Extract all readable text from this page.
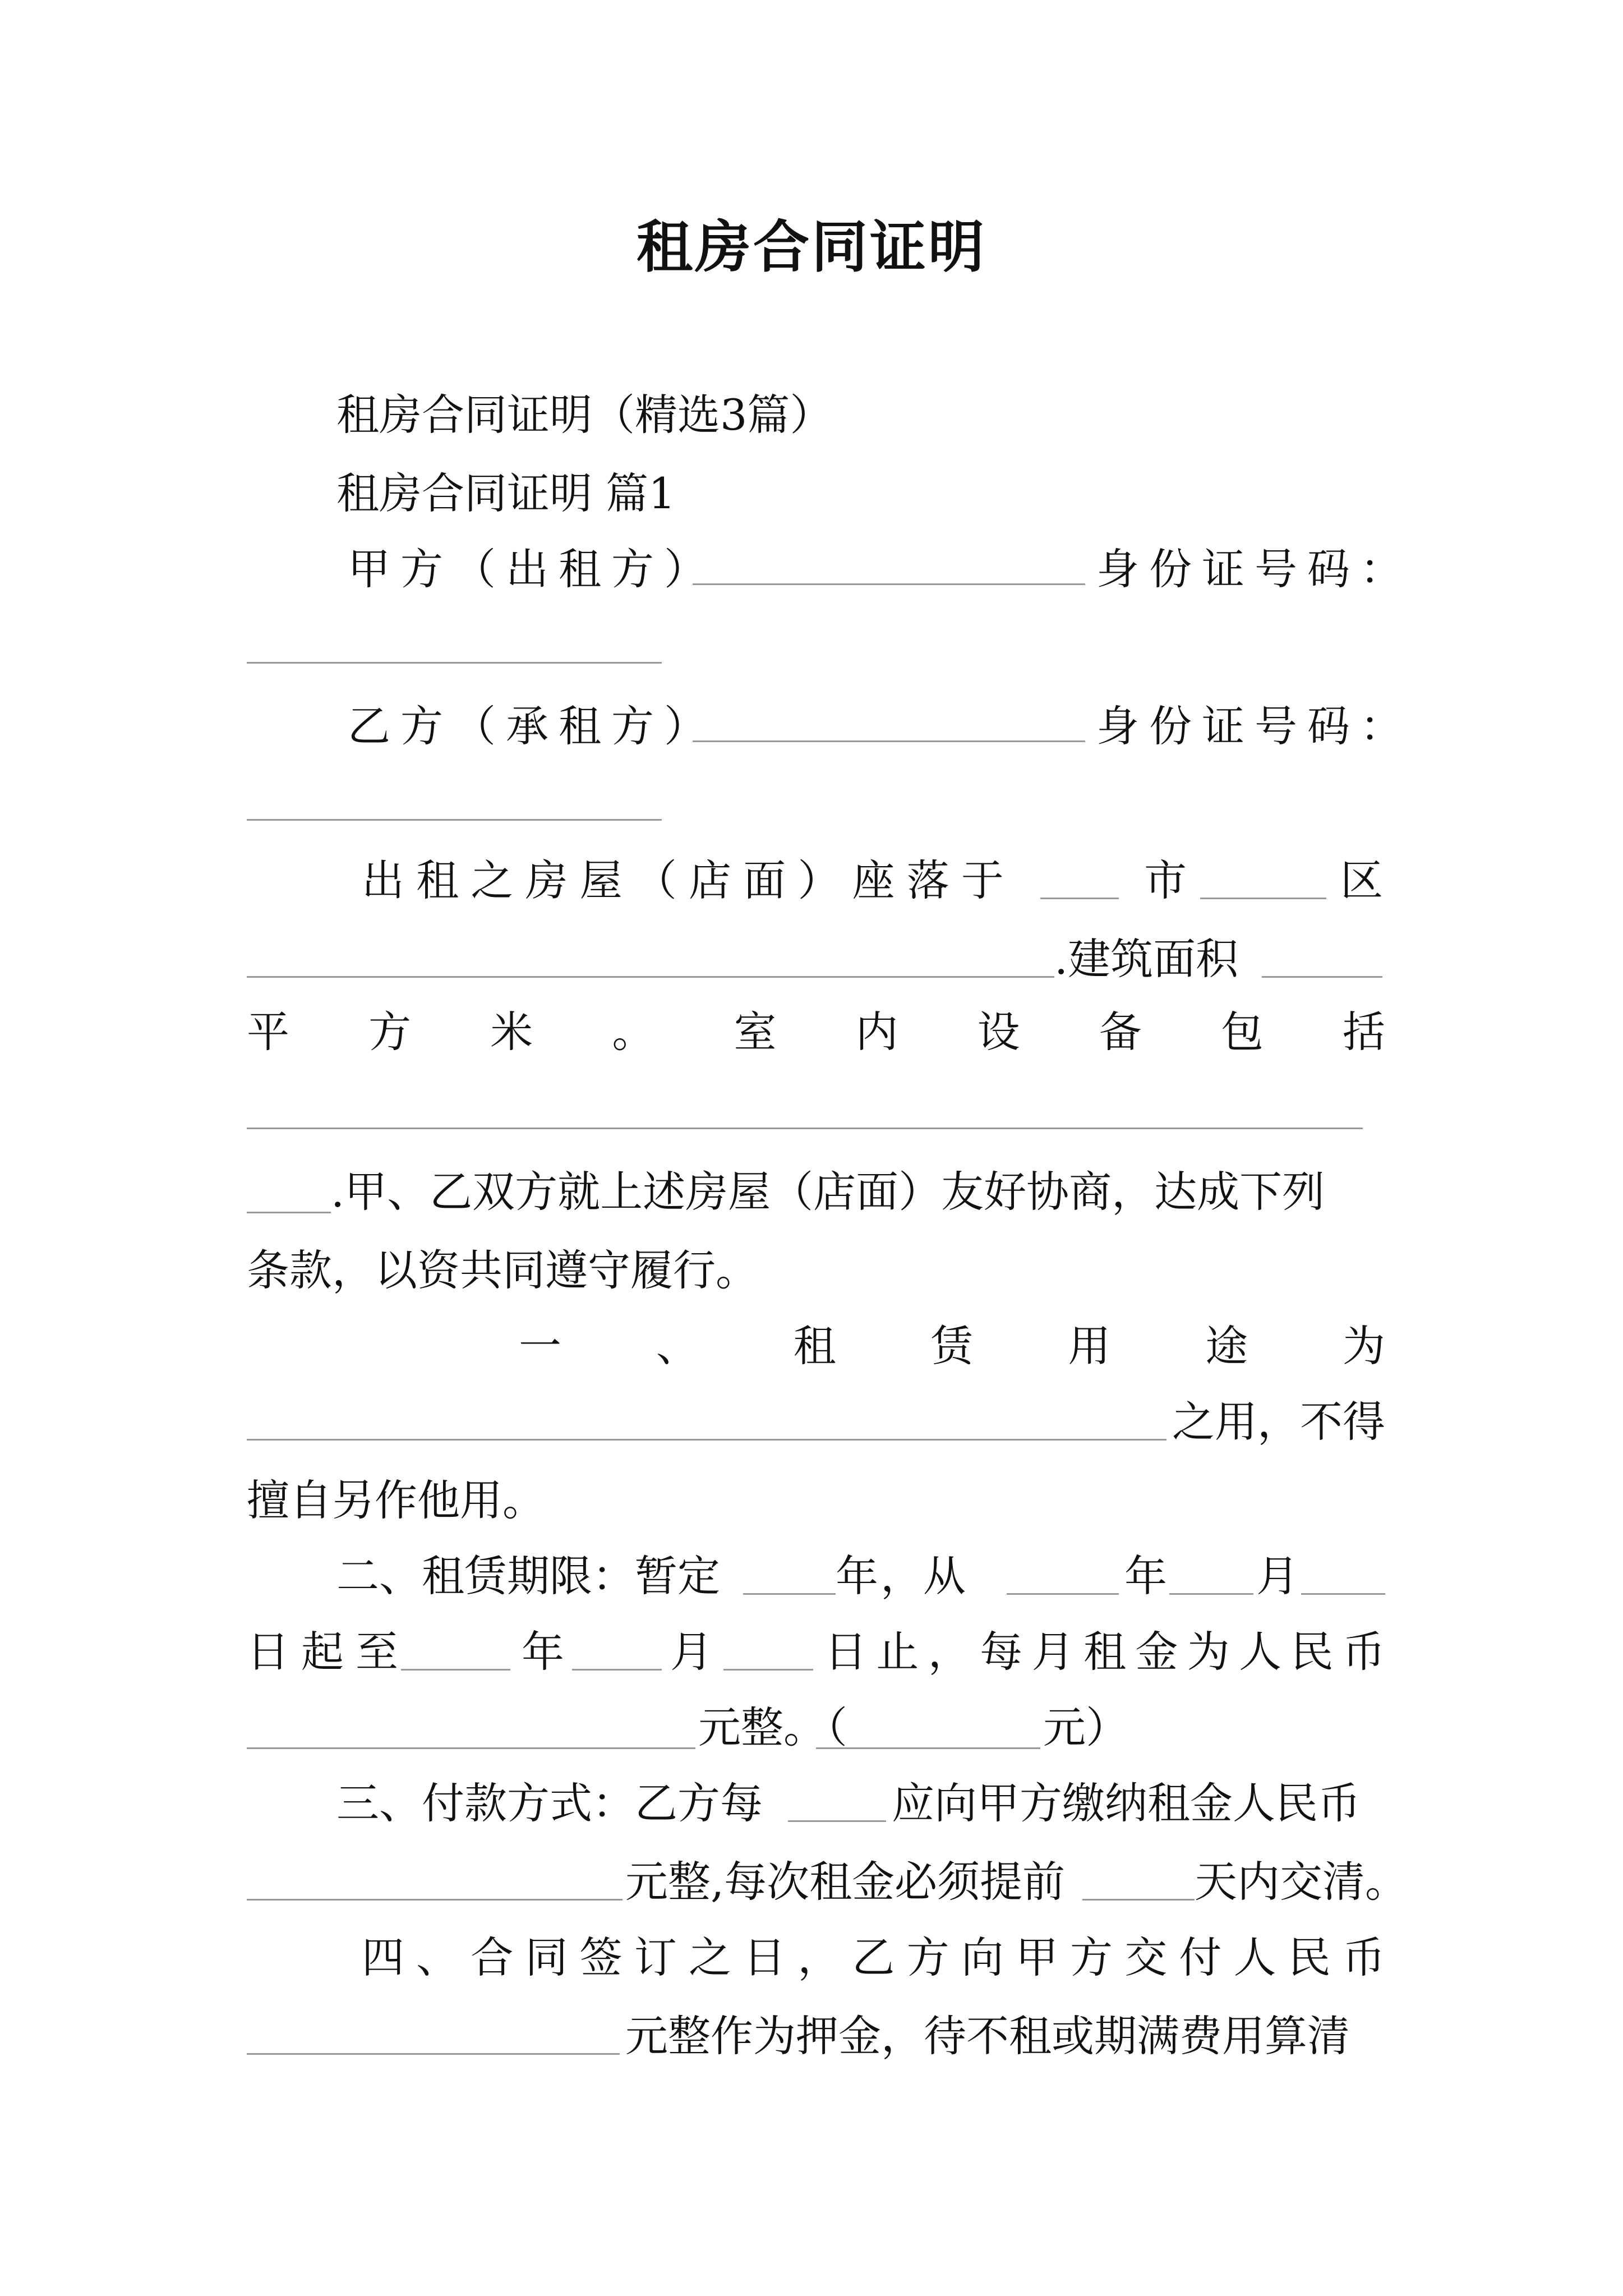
租房合同证明
租房合同证明（精选3篇）
租房合同证明 篇1
甲方（出租方）	身份证号码：
乙方（承租方）	身份证号码：
出 租 之 房 屋 （ 店 面 ） 座 落 于	市	区
.建筑面积
平 方 米 。 室 内 设 备 包 括
.甲、乙双方就上述房屋（店面）友好协商，达成下列
条款，以资共同遵守履行。
一 、 租 赁 用 途 为
之用，不得
擅自另作他用。
二、租赁期限：暂定	年 ，从	年 月
日 起 至	年 月	日 止 ， 每 月 租 金 为 人 民 币
元整。（	元）
三、付款方式：乙方每	应向甲方缴纳租金人民币
元整,每次租金必须提前	天内交清。
四 、 合 同 签 订 之 日 ， 乙 方 向 甲 方 交 付 人 民 币
元整作为押金，待不租或期满费用算清
